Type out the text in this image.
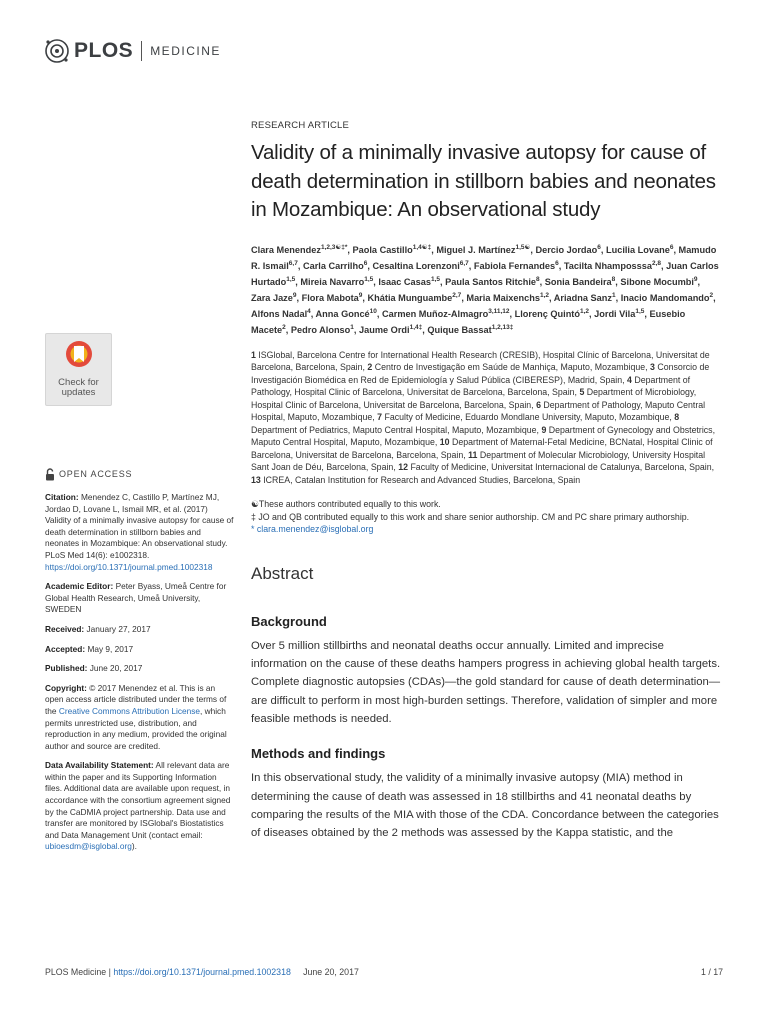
PLOS MEDICINE
Check for
updates
OPEN ACCESS
Citation: Menendez C, Castillo P, Martínez MJ, Jordao D, Lovane L, Ismail MR, et al. (2017) Validity of a minimally invasive autopsy for cause of death determination in stillborn babies and neonates in Mozambique: An observational study. PLoS Med 14(6): e1002318. https://doi.org/10.1371/journal.pmed.1002318
Academic Editor: Peter Byass, Umeå Centre for Global Health Research, Umeå University, SWEDEN
Received: January 27, 2017
Accepted: May 9, 2017
Published: June 20, 2017
Copyright: © 2017 Menendez et al. This is an open access article distributed under the terms of the Creative Commons Attribution License, which permits unrestricted use, distribution, and reproduction in any medium, provided the original author and source are credited.
Data Availability Statement: All relevant data are within the paper and its Supporting Information files. Additional data are available upon request, in accordance with the consortium agreement signed by the CaDMIA project partnership. Data use and transfer are monitored by ISGlobal's Biostatistics and Data Management Unit (contact email: ubioesdm@isglobal.org).
RESEARCH ARTICLE
Validity of a minimally invasive autopsy for cause of death determination in stillborn babies and neonates in Mozambique: An observational study
Clara Menendez$^{1,2,3☯\ddagger*}$, Paola Castillo$^{1,4☯\ddagger}$, Miguel J. Martínez$^{1,5☯}$, Dercio Jordao$^6$, Lucilia Lovane$^6$, Mamudo R. Ismail$^{6,7}$, Carla Carrilho$^6$, Cesaltina Lorenzoni$^{6,7}$, Fabiola Fernandes$^6$, Tacilta Nhamposssa$^{2,8}$, Juan Carlos Hurtado$^{1,5}$, Mireia Navarro$^{1,5}$, Isaac Casas$^{1,5}$, Paula Santos Ritchie$^8$, Sonia Bandeira$^8$, Sibone Mocumbi$^9$, Zara Jaze$^9$, Flora Mabota$^9$, Khátia Munguambe$^{2,7}$, Maria Maixenchs$^{1,2}$, Ariadna Sanz$^1$, Inacio Mandomando$^2$, Alfons Nadal$^4$, Anna Goncé$^{10}$, Carmen Muñoz-Almagro$^{3,11,12}$, Llorenç Quintó$^{1,2}$, Jordi Vila$^{1,5}$, Eusebio Macete$^2$, Pedro Alonso$^1$, Jaume Ordi$^{1,4\ddagger}$, Quique Bassat$^{1,2,13\ddagger}$
1 ISGlobal, Barcelona Centre for International Health Research (CRESIB), Hospital Clínic of Barcelona, Universitat de Barcelona, Barcelona, Spain, 2 Centro de Investigação em Saúde de Manhiça, Maputo, Mozambique, 3 Consorcio de Investigación Biomédica en Red de Epidemiología y Salud Pública (CIBERESP), Madrid, Spain, 4 Department of Pathology, Hospital Clinic of Barcelona, Universitat de Barcelona, Barcelona, Spain, 5 Department of Microbiology, Hospital Clinic of Barcelona, Universitat de Barcelona, Barcelona, Spain, 6 Department of Pathology, Maputo Central Hospital, Maputo, Mozambique, 7 Faculty of Medicine, Eduardo Mondlane University, Maputo, Mozambique, 8 Department of Pediatrics, Maputo Central Hospital, Maputo, Mozambique, 9 Department of Gynecology and Obstetrics, Maputo Central Hospital, Maputo, Mozambique, 10 Department of Maternal-Fetal Medicine, BCNatal, Hospital Clinic of Barcelona, Universitat de Barcelona, Barcelona, Spain, 11 Department of Molecular Microbiology, University Hospital Sant Joan de Déu, Barcelona, Spain, 12 Faculty of Medicine, Universitat Internacional de Catalunya, Barcelona, Spain, 13 ICREA, Catalan Institution for Research and Advanced Studies, Barcelona, Spain
☯These authors contributed equally to this work.
‡ JO and QB contributed equally to this work and share senior authorship. CM and PC share primary authorship.
* clara.menendez@isglobal.org
Abstract
Background
Over 5 million stillbirths and neonatal deaths occur annually. Limited and imprecise information on the cause of these deaths hampers progress in achieving global health targets. Complete diagnostic autopsies (CDAs)—the gold standard for cause of death determination—are difficult to perform in most high-burden settings. Therefore, validation of simpler and more feasible methods is needed.
Methods and findings
In this observational study, the validity of a minimally invasive autopsy (MIA) method in determining the cause of death was assessed in 18 stillbirths and 41 neonatal deaths by comparing the results of the MIA with those of the CDA. Concordance between the categories of diseases obtained by the 2 methods was assessed by the Kappa statistic, and the
PLOS Medicine | https://doi.org/10.1371/journal.pmed.1002318 June 20, 2017	1 / 17
